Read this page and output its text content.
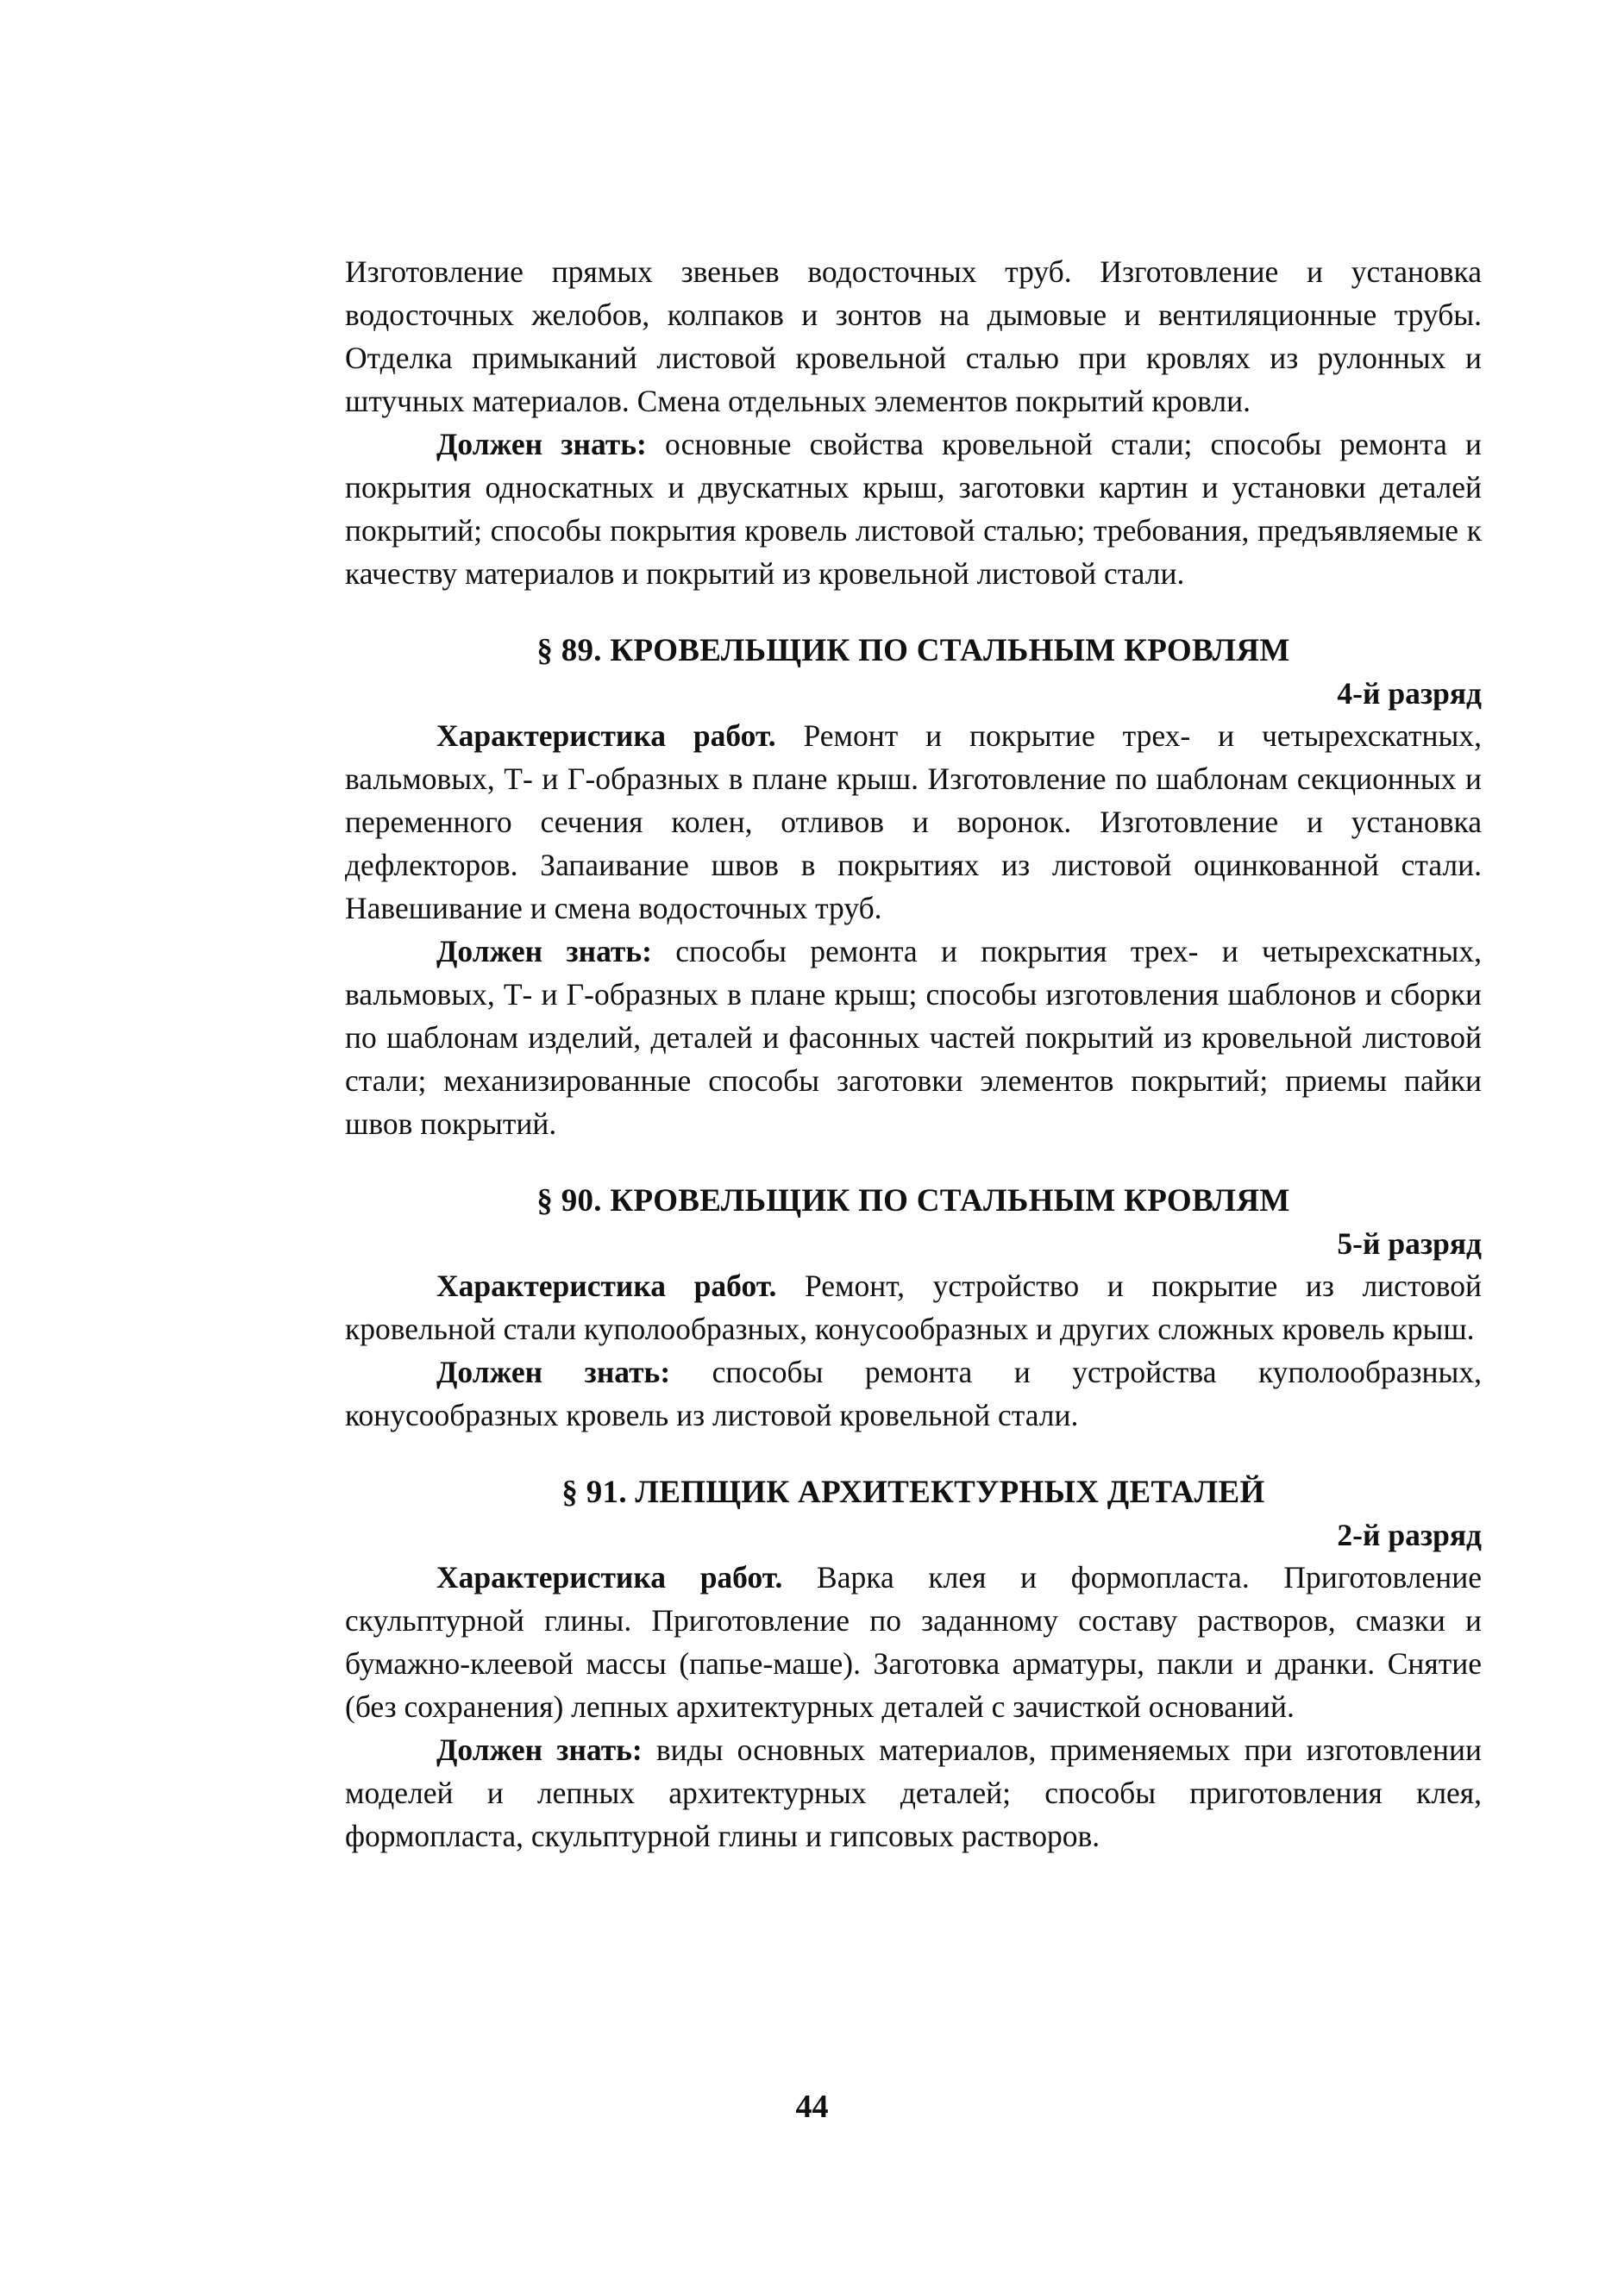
Изготовление прямых звеньев водосточных труб. Изготовление и установка водосточных желобов, колпаков и зонтов на дымовые и вентиляционные трубы. Отделка примыканий листовой кровельной сталью при кровлях из рулонных и штучных материалов. Смена отдельных элементов покрытий кровли.

Должен знать: основные свойства кровельной стали; способы ремонта и покрытия односкатных и двускатных крыш, заготовки картин и установки деталей покрытий; способы покрытия кровель листовой сталью; требования, предъявляемые к качеству материалов и покрытий из кровельной листовой стали.

§ 89. КРОВЕЛЬЩИК ПО СТАЛЬНЫМ КРОВЛЯМ
4-й разряд

Характеристика работ. Ремонт и покрытие трех- и четырехскатных, вальмовых, Т- и Г-образных в плане крыш. Изготовление по шаблонам секционных и переменного сечения колен, отливов и воронок. Изготовление и установка дефлекторов. Запаивание швов в покрытиях из листовой оцинкованной стали. Навешивание и смена водосточных труб.

Должен знать: способы ремонта и покрытия трех- и четырехскатных, вальмовых, Т- и Г-образных в плане крыш; способы изготовления шаблонов и сборки по шаблонам изделий, деталей и фасонных частей покрытий из кровельной листовой стали; механизированные способы заготовки элементов покрытий; приемы пайки швов покрытий.

§ 90. КРОВЕЛЬЩИК ПО СТАЛЬНЫМ КРОВЛЯМ
5-й разряд

Характеристика работ. Ремонт, устройство и покрытие из листовой кровельной стали куполообразных, конусообразных и других сложных кровель крыш.

Должен знать: способы ремонта и устройства куполообразных, конусообразных кровель из листовой кровельной стали.

§ 91. ЛЕПЩИК АРХИТЕКТУРНЫХ ДЕТАЛЕЙ
2-й разряд

Характеристика работ. Варка клея и формопласта. Приготовление скульптурной глины. Приготовление по заданному составу растворов, смазки и бумажно-клеевой массы (папье-маше). Заготовка арматуры, пакли и дранки. Снятие (без сохранения) лепных архитектурных деталей с зачисткой оснований.

Должен знать: виды основных материалов, применяемых при изготовлении моделей и лепных архитектурных деталей; способы приготовления клея, формопласта, скульптурной глины и гипсовых растворов.

44
